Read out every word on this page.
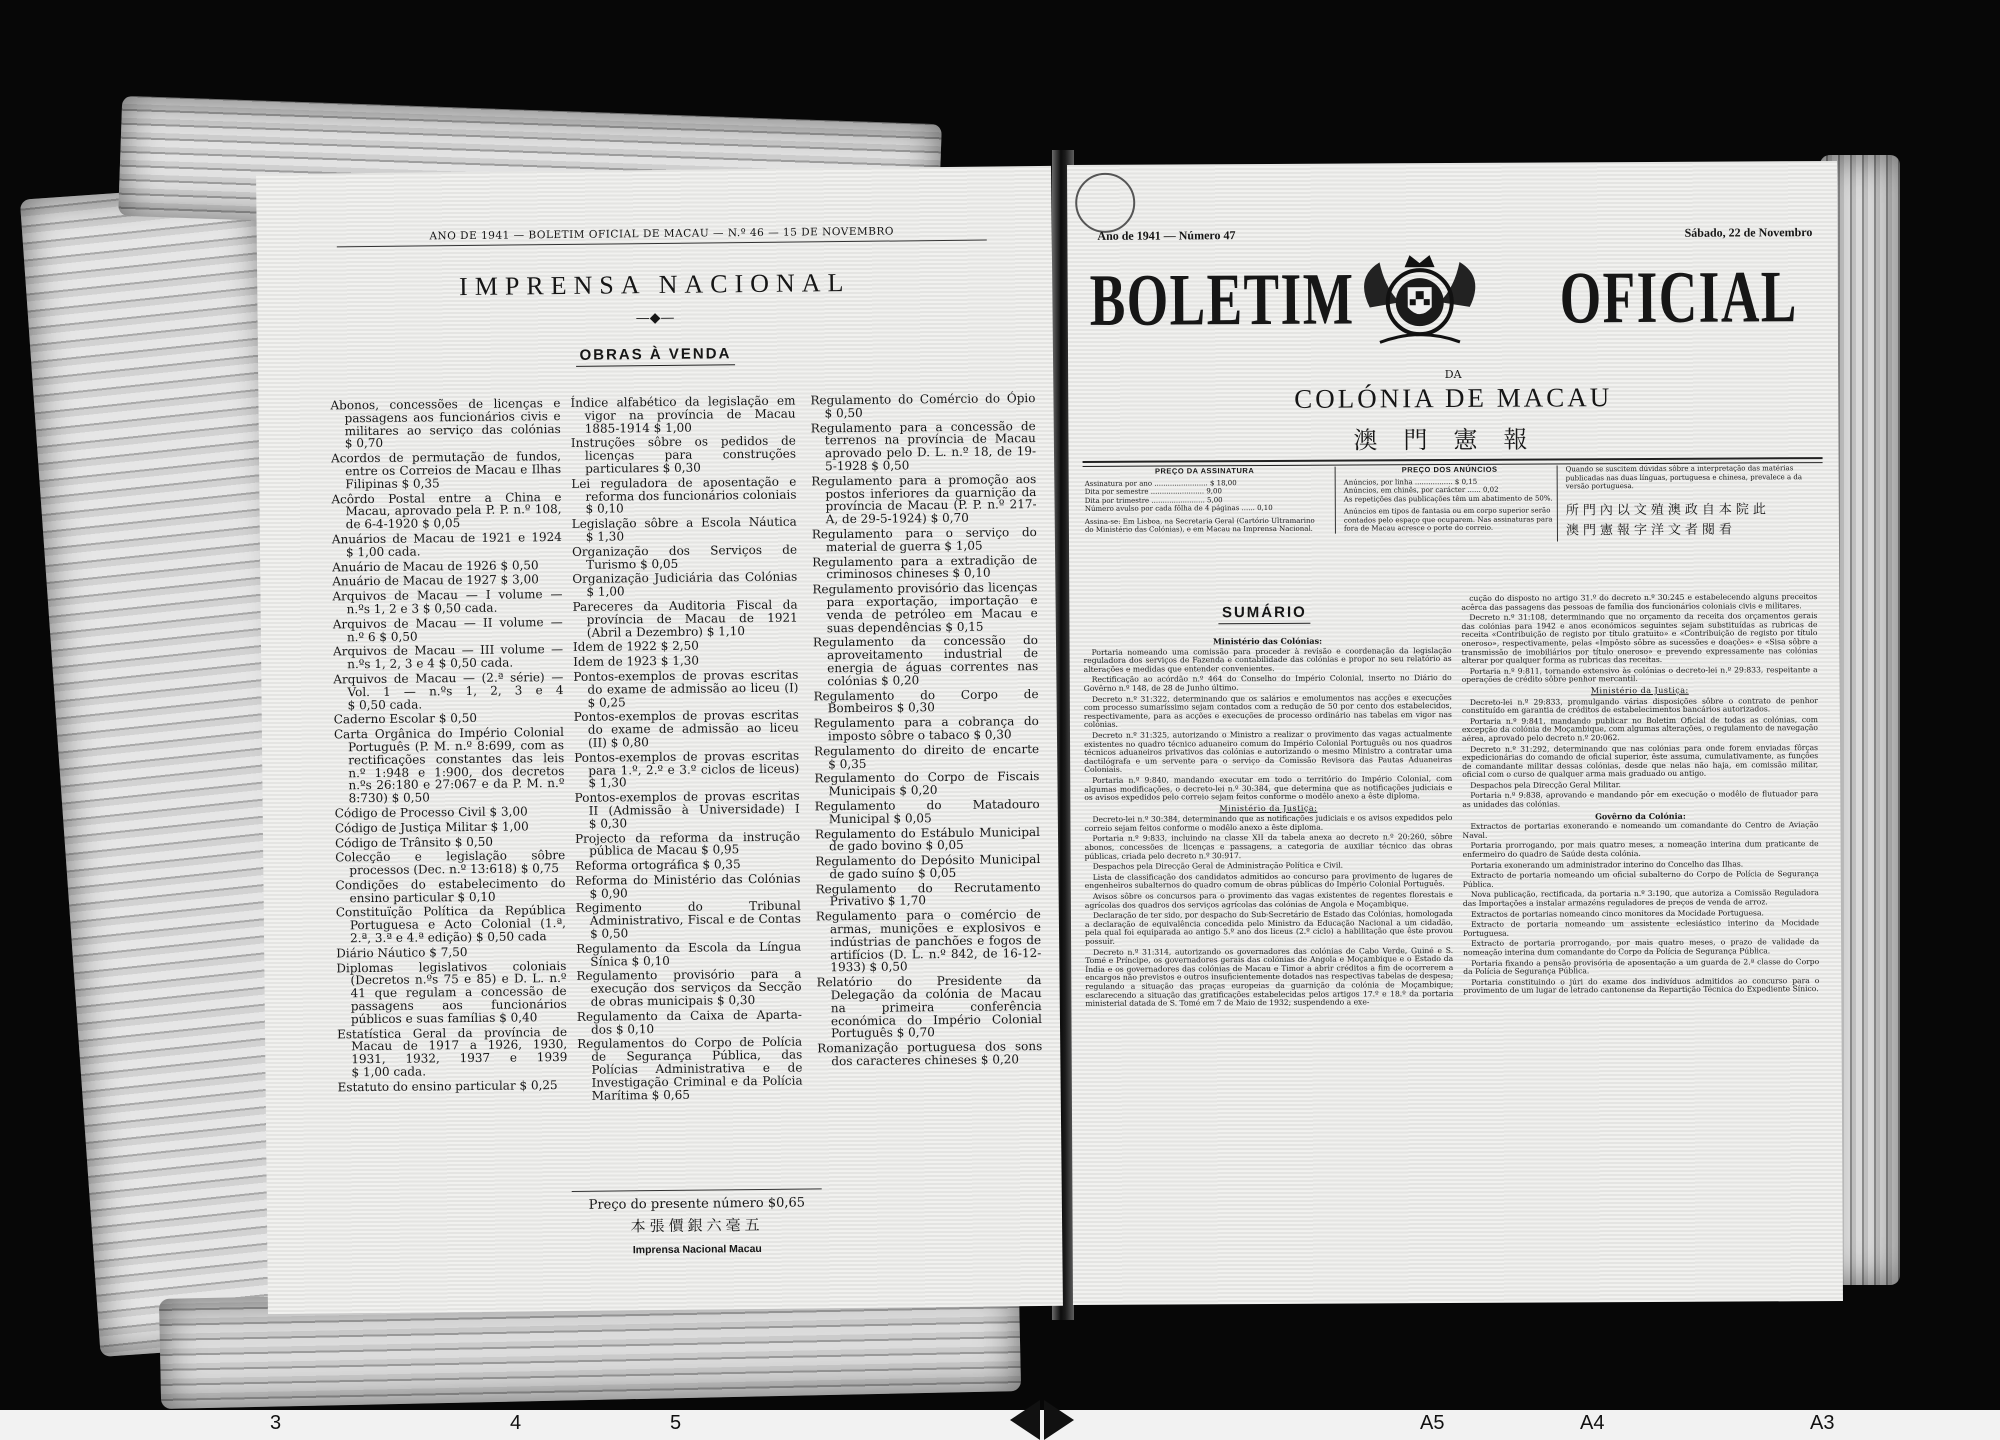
ANO DE 1941 — BOLETIM OFICIAL DE MACAU — N.º 46 — 15 DE NOVEMBRO
IMPRENSA NACIONAL
—◆—
OBRAS À VENDA
Abonos, concessões de licenças e passagens aos funcionários civis e militares ao serviço das colónias $ 0,70
Acordos de permutação de fundos, entre os Correios de Macau e Ilhas Filipinas $ 0,35
Acôrdo Postal entre a China e Macau, aprovado pela P. P. n.º 108, de 6-4-1920 $ 0,05
Anuários de Macau de 1921 e 1924 $ 1,00 cada.
Anuário de Macau de 1926 $ 0,50
Anuário de Macau de 1927 $ 3,00
Arquivos de Macau — I volume — n.ºs 1, 2 e 3 $ 0,50 cada.
Arquivos de Macau — II volume — n.º 6 $ 0,50
Arquivos de Macau — III volume — n.ºs 1, 2, 3 e 4 $ 0,50 cada.
Arquivos de Macau — (2.ª série) — Vol. 1 — n.ºs 1, 2, 3 e 4 $ 0,50 cada.
Caderno Escolar $ 0,50
Carta Orgânica do Império Colonial Português (P. M. n.º 8:699, com as rectificações constantes das leis n.º 1:948 e 1:900, dos decretos n.ºs 26:180 e 27:067 e da P. M. n.º 8:730) $ 0,50
Código de Processo Civil $ 3,00
Código de Justiça Militar $ 1,00
Código de Trânsito $ 0,50
Colecção e legislação sôbre processos (Dec. n.º 13:618) $ 0,75
Condições do estabelecimento do ensino particular $ 0,10
Constituïção Política da República Portuguesa e Acto Colonial (1.ª, 2.ª, 3.ª e 4.ª edição) $ 0,50 cada
Diário Náutico $ 7,50
Diplomas legislativos coloniais (Decretos n.ºs 75 e 85) e D. L. n.º 41 que regulam a concessão de passagens aos funcionários públicos e suas famílias $ 0,40
Estatística Geral da província de Macau de 1917 a 1926, 1930, 1931, 1932, 1937 e 1939 $ 1,00 cada.
Estatuto do ensino particular $ 0,25
Índice alfabético da legislação em vigor na província de Macau 1885-1914 $ 1,00
Instruções sôbre os pedidos de licenças para construções particulares $ 0,30
Lei reguladora de aposentação e reforma dos funcionários coloniais $ 0,10
Legislação sôbre a Escola Náutica $ 1,30
Organização dos Serviços de Turismo $ 0,05
Organização Judiciária das Colónias $ 1,00
Pareceres da Auditoria Fiscal da província de Macau de 1921 (Abril a Dezembro) $ 1,10
Idem de 1922 $ 2,50
Idem de 1923 $ 1,30
Pontos-exemplos de provas escritas do exame de admissão ao liceu (I) $ 0,25
Pontos-exemplos de provas escritas do exame de admissão ao liceu (II) $ 0,80
Pontos-exemplos de provas escritas para 1.º, 2.º e 3.º ciclos de liceus) $ 1,30
Pontos-exemplos de provas escritas II (Admissão à Universidade) I $ 0,30
Projecto da reforma da instrução pública de Macau $ 0,95
Reforma ortográfica $ 0,35
Reforma do Ministério das Colónias $ 0,90
Regimento do Tribunal Administrativo, Fiscal e de Contas $ 0,50
Regulamento da Escola da Língua Sínica $ 0,10
Regulamento provisório para a execução dos serviços da Secção de obras municipais $ 0,30
Regulamento da Caixa de Aparta-dos $ 0,10
Regulamentos do Corpo de Polícia de Segurança Pública, das Polícias Administrativa e de Investigação Criminal e da Polícia Marítima $ 0,65
Regulamento do Comércio do Ópio $ 0,50
Regulamento para a concessão de terrenos na província de Macau aprovado pelo D. L. n.º 18, de 19-5-1928 $ 0,50
Regulamento para a promoção aos postos inferiores da guarnição da província de Macau (P. P. n.º 217-A, de 29-5-1924) $ 0,70
Regulamento para o serviço do material de guerra $ 1,05
Regulamento para a extradição de criminosos chineses $ 0,10
Regulamento provisório das licenças para exportação, importação e venda de petróleo em Macau e suas dependências $ 0,15
Regulamento da concessão do aproveitamento industrial de energia de águas correntes nas colónias $ 0,20
Regulamento do Corpo de Bombeiros $ 0,30
Regulamento para a cobrança do imposto sôbre o tabaco $ 0,30
Regulamento do direito de encarte $ 0,35
Regulamento do Corpo de Fiscais Municipais $ 0,20
Regulamento do Matadouro Municipal $ 0,05
Regulamento do Estábulo Municipal de gado bovino $ 0,05
Regulamento do Depósito Municipal de gado suíno $ 0,05
Regulamento do Recrutamento Privativo $ 1,70
Regulamento para o comércio de armas, munições e explosivos e indústrias de panchões e fogos de artifícios (D. L. n.º 842, de 16-12-1933) $ 0,50
Relatório do Presidente da Delegação da colónia de Macau na primeira conferência económica do Império Colonial Português $ 0,70
Romanização portuguesa dos sons dos caracteres chineses $ 0,20
Preço do presente número $0,65
本張價銀六毫五
Imprensa Nacional Macau
Ano de 1941 — Número 47	Sábado, 22 de Novembro
BOLETIM	OFICIAL
DA
COLÓNIA DE MACAU
澳門憲報
PREÇO DA ASSINATURA
Assinatura por ano ........................ $ 18,00
Dita por semestre ........................ 9,00
Dita por trimestre ........................ 5,00
Número avulso por cada fôlha de 4 páginas ...... 0,10
Assina-se: Em Lisboa, na Secretaria Geral (Cartório Ultramarino do Ministério das Colónias), e em Macau na Imprensa Nacional.
PREÇO DOS ANÚNCIOS
Anúncios, por linha ................. $ 0,15
Anúncios, em chinês, por carácter ...... 0,02
As repetições das publicações têm um abatimento de 50%.
Anúncios em tipos de fantasia ou em corpo superior serão contados pelo espaço que ocuparem. Nas assinaturas para fora de Macau acresce o porte do correio.
Quando se suscitem dúvidas sôbre a interpretação das matérias publicadas nas duas línguas, portuguesa e chinesa, prevalece a da versão portuguesa.
所門內以文殖澳政自本院此
澳門憲報字洋文者閱看
SUMÁRIO
Ministério das Colónias:
Portaria nomeando uma comissão para proceder à revisão e coordenação da legislação reguladora dos serviços de Fazenda e contabilidade das colónias e propor no seu relatório as alterações e medidas que entender convenientes.
Rectificação ao acórdão n.º 464 do Conselho do Império Colonial, inserto no Diário do Govêrno n.º 148, de 28 de Junho último.
Decreto n.º 31:322, determinando que os salários e emolumentos nas acções e execuções com processo sumaríssimo sejam contados com a redução de 50 por cento dos estabelecidos, respectivamente, para as acções e execuções de processo ordinário nas tabelas em vigor nas colónias.
Decreto n.º 31:325, autorizando o Ministro a realizar o provimento das vagas actualmente existentes no quadro técnico aduaneiro comum do Império Colonial Português ou nos quadros técnicos aduaneiros privativos das colónias e autorizando o mesmo Ministro a contratar uma dactilógrafa e um servente para o serviço da Comissão Revisora das Pautas Aduaneiras Coloniais.
Portaria n.º 9:840, mandando executar em todo o território do Império Colonial, com algumas modificações, o decreto-lei n.º 30:384, que determina que as notificações judiciais e os avisos expedidos pelo correio sejam feitos conforme o modêlo anexo a êste diploma.
Ministério da Justiça:
Decreto-lei n.º 30:384, determinando que as notificações judiciais e os avisos expedidos pelo correio sejam feitos conforme o modêlo anexo a êste diploma.
Portaria n.º 9:833, incluindo na classe XII da tabela anexa ao decreto n.º 20:260, sôbre abonos, concessões de licenças e passagens, a categoria de auxiliar técnico das obras públicas, criada pelo decreto n.º 30:917.
Despachos pela Direcção Geral de Administração Política e Civil.
Lista de classificação dos candidatos admitidos ao concurso para provimento de lugares de engenheiros subalternos do quadro comum de obras públicas do Império Colonial Português.
Avisos sôbre os concursos para o provimento das vagas existentes de regentes florestais e agrícolas dos quadros dos serviços agrícolas das colónias de Angola e Moçambique.
Declaração de ter sido, por despacho do Sub-Secretário de Estado das Colónias, homologada a declaração de equivalência concedida pelo Ministro da Educação Nacional a um cidadão, pela qual foi equiparada ao antigo 5.º ano dos liceus (2.º ciclo) a habilitação que êste provou possuir.
Decreto n.º 31:314, autorizando os governadores das colónias de Cabo Verde, Guiné e S. Tomé e Príncipe, os governadores gerais das colónias de Angola e Moçambique e o Estado da Índia e os governadores das colónias de Macau e Timor a abrir créditos a fim de ocorrerem a encargos não previstos e outros insuficientemente dotados nas respectivas tabelas de despesa; regulando a situação das praças europeias da guarnição da colónia de Moçambique; esclarecendo a situação das gratificações estabelecidas pelos artigos 17.º e 18.º da portaria ministerial datada de S. Tomé em 7 de Maio de 1932; suspendendo a exe-
cução do disposto no artigo 31.º do decreto n.º 30:245 e estabelecendo alguns preceitos acêrca das passagens das pessoas de família dos funcionários coloniais civis e militares.
Decreto n.º 31:108, determinando que no orçamento da receita dos orçamentos gerais das colónias para 1942 e anos económicos seguintes sejam substituídas as rubricas de receita «Contribuição de registo por título gratuito» e «Contribuição de registo por título oneroso», respectivamente, pelas «Impôsto sôbre as sucessões e doações» e «Sisa sôbre a transmissão de imobiliários por título oneroso» e prevendo expressamente nas colónias alterar por qualquer forma as rubricas das receitas.
Portaria n.º 9:811, tornando extensivo às colónias o decreto-lei n.º 29:833, respeitante a operações de crédito sôbre penhor mercantil.
Ministério da Justiça:
Decreto-lei n.º 29:833, promulgando várias disposições sôbre o contrato de penhor constituído em garantia de créditos de estabelecimentos bancários autorizados.
Portaria n.º 9:841, mandando publicar no Boletim Oficial de todas as colónias, com excepção da colónia de Moçambique, com algumas alterações, o regulamento de navegação aérea, aprovado pelo decreto n.º 20:062.
Decreto n.º 31:292, determinando que nas colónias para onde forem enviadas fôrças expedicionárias do comando de oficial superior, êste assuma, cumulativamente, as funções de comandante militar dessas colónias, desde que nelas não haja, em comissão militar, oficial com o curso de qualquer arma mais graduado ou antigo.
Despachos pela Direcção Geral Militar.
Portaria n.º 9:838, aprovando e mandando pôr em execução o modêlo de flutuador para as unidades das colónias.
Govêrno da Colónia:
Extractos de portarias exonerando e nomeando um comandante do Centro de Aviação Naval.
Portaria prorrogando, por mais quatro meses, a nomeação interina dum praticante de enfermeiro do quadro de Saúde desta colónia.
Portaria exonerando um administrador interino do Concelho das Ilhas.
Extracto de portaria nomeando um oficial subalterno do Corpo de Polícia de Segurança Pública.
Nova publicação, rectificada, da portaria n.º 3:190, que autoriza a Comissão Reguladora das Importações a instalar armazéns reguladores de preços de venda de arroz.
Extractos de portarias nomeando cinco monitores da Mocidade Portuguesa.
Extracto de portaria nomeando um assistente eclesiástico interino da Mocidade Portuguesa.
Extracto de portaria prorrogando, por mais quatro meses, o prazo de validade da nomeação interina dum comandante do Corpo da Polícia de Segurança Pública.
Portaria fixando a pensão provisória de aposentação a um guarda de 2.ª classe do Corpo da Polícia de Segurança Pública.
Portaria constituindo o júri do exame dos indivíduos admitidos ao concurso para o provimento de um lugar de letrado cantonense da Repartição Técnica do Expediente Sínico.
3	4	5	A5	A4	A3
